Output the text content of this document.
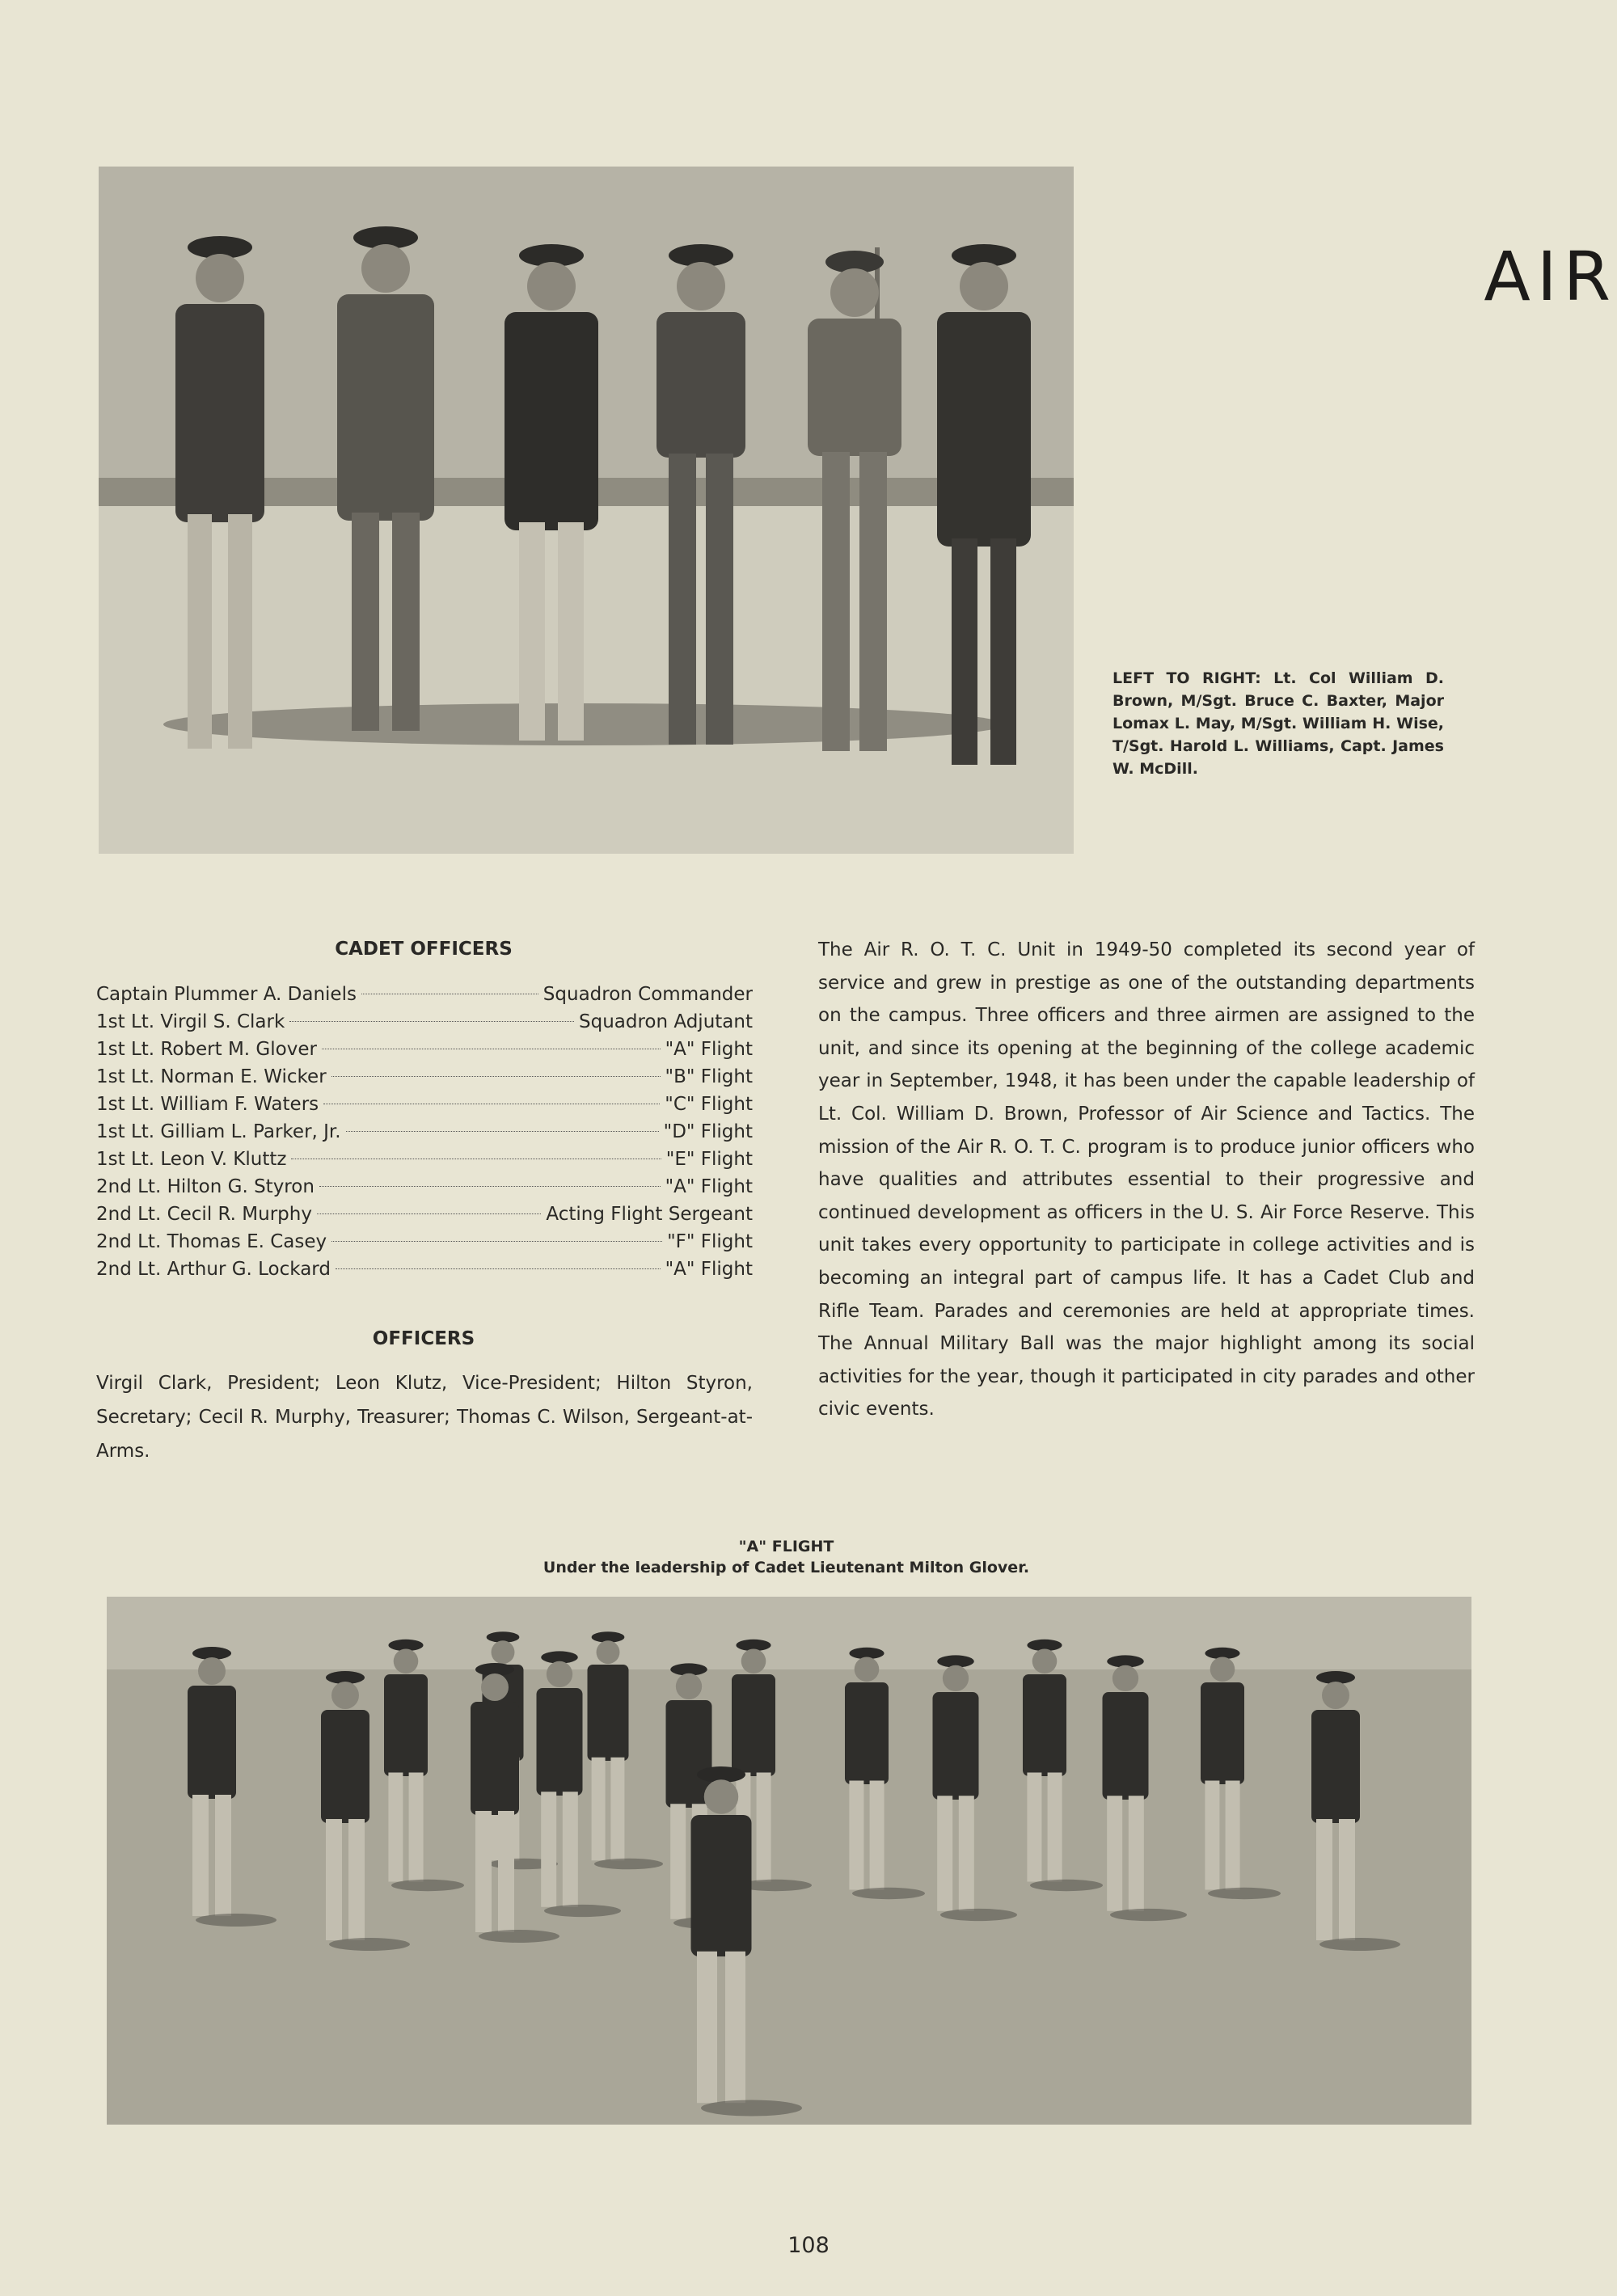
AIR
LEFT TO RIGHT: Lt. Col William D. Brown, M/Sgt. Bruce C. Baxter, Major Lomax L. May, M/Sgt. William H. Wise, T/Sgt. Harold L. Williams, Capt. James W. McDill.
CADET OFFICERS
Captain Plummer A. Daniels	Squadron Commander
1st Lt. Virgil S. Clark	Squadron Adjutant
1st Lt. Robert M. Glover	"A" Flight
1st Lt. Norman E. Wicker	"B" Flight
1st Lt. William F. Waters	"C" Flight
1st Lt. Gilliam L. Parker, Jr.	"D" Flight
1st Lt. Leon V. Kluttz	"E" Flight
2nd Lt. Hilton G. Styron	"A" Flight
2nd Lt. Cecil R. Murphy	Acting Flight Sergeant
2nd Lt. Thomas E. Casey	"F" Flight
2nd Lt. Arthur G. Lockard	"A" Flight
OFFICERS
Virgil Clark, President; Leon Klutz, Vice-President; Hilton Styron, Secretary; Cecil R. Murphy, Treasurer; Thomas C. Wilson, Sergeant-at-Arms.
The Air R. O. T. C. Unit in 1949-50 completed its second year of service and grew in prestige as one of the outstanding departments on the campus. Three officers and three airmen are assigned to the unit, and since its opening at the beginning of the college academic year in September, 1948, it has been under the capable leadership of Lt. Col. William D. Brown, Professor of Air Science and Tactics. The mission of the Air R. O. T. C. program is to produce junior officers who have qualities and attributes essential to their progressive and continued development as officers in the U. S. Air Force Reserve. This unit takes every opportunity to participate in college activities and is becoming an integral part of campus life. It has a Cadet Club and Rifle Team. Parades and ceremonies are held at appropriate times. The Annual Military Ball was the major highlight among its social activities for the year, though it participated in city parades and other civic events.
"A" FLIGHT
Under the leadership of Cadet Lieutenant Milton Glover.
108
